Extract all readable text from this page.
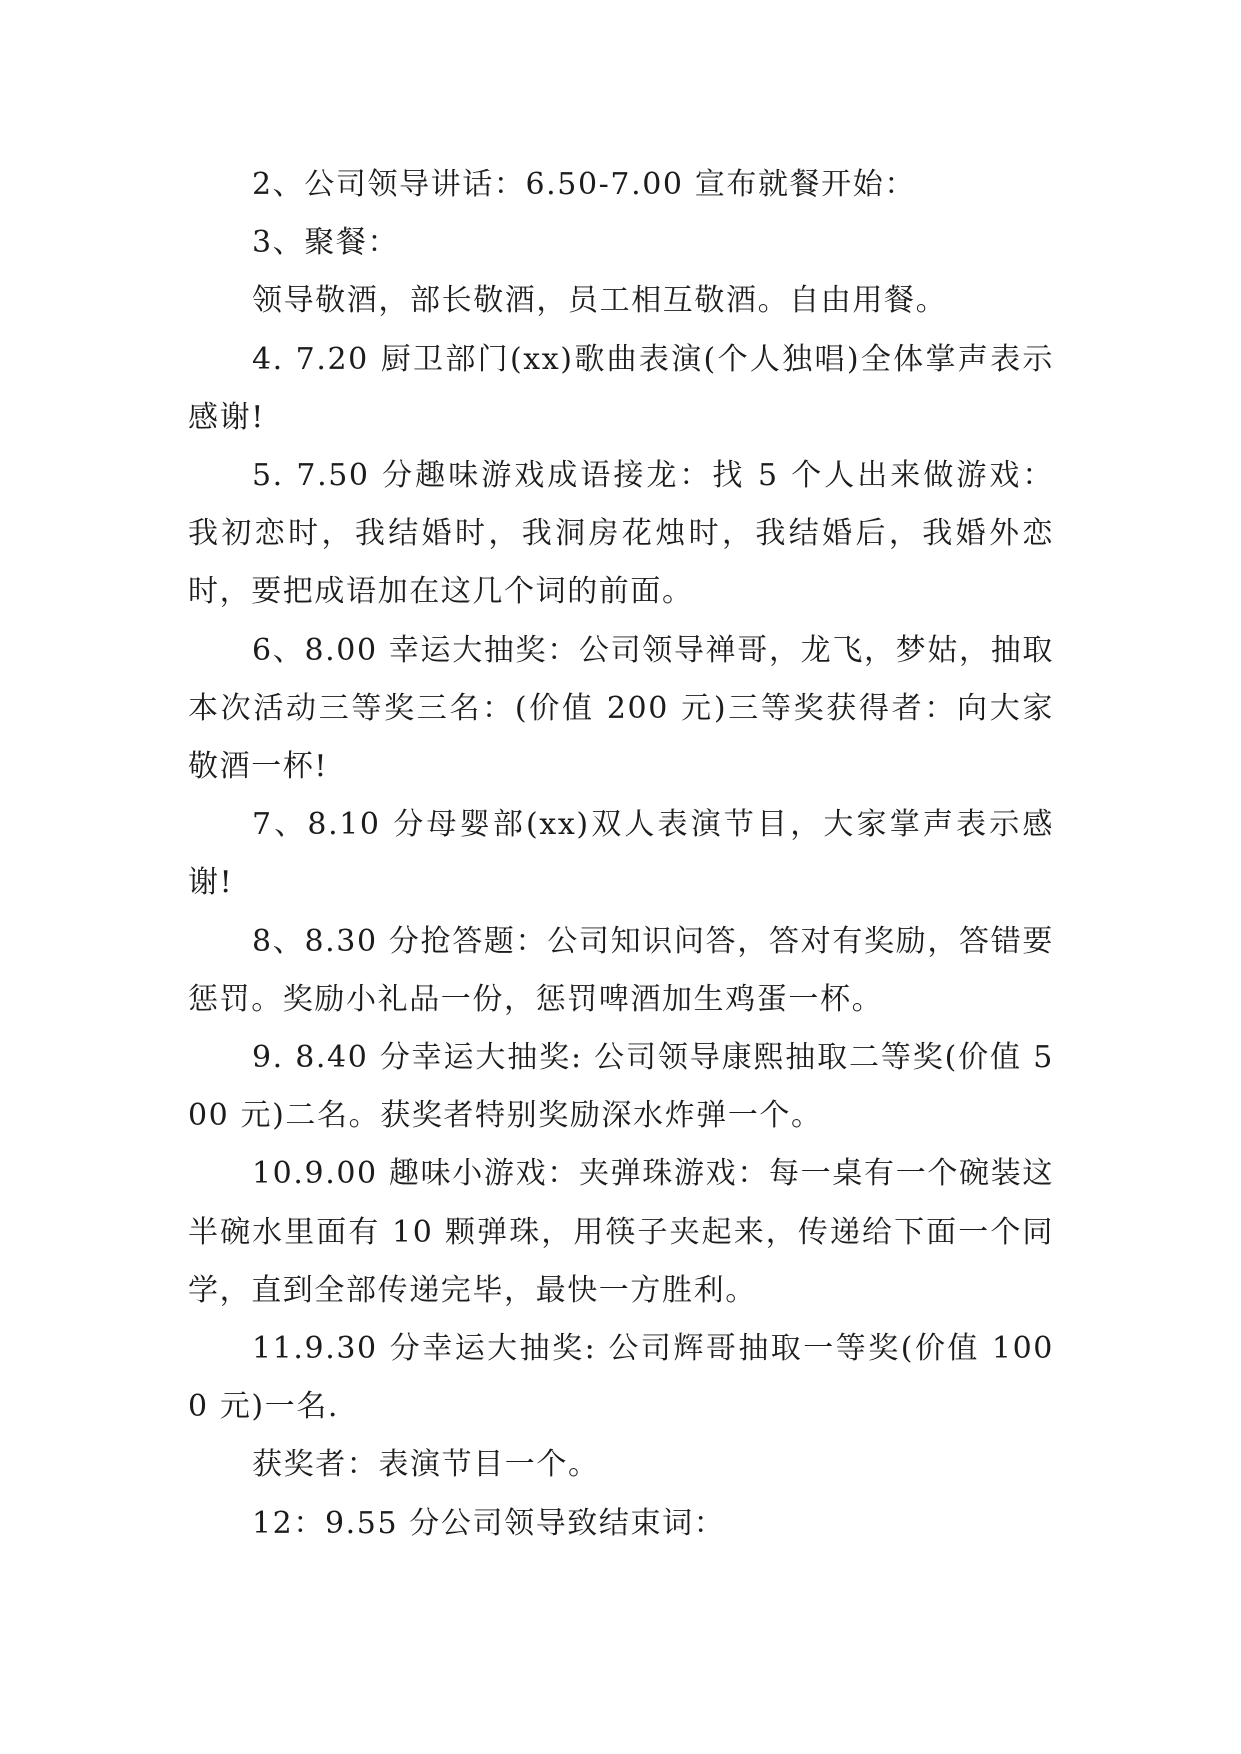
2、公司领导讲话：6.50-7.00 宣布就餐开始：

3、聚餐：

领导敬酒，部长敬酒，员工相互敬酒。自由用餐。

4. 7.20 厨卫部门(xx)歌曲表演(个人独唱)全体掌声表示感谢!

5. 7.50 分趣味游戏成语接龙：找 5 个人出来做游戏：我初恋时，我结婚时，我洞房花烛时，我结婚后，我婚外恋时，要把成语加在这几个词的前面。

6、8.00 幸运大抽奖：公司领导禅哥，龙飞，梦姑，抽取本次活动三等奖三名：(价值 200 元)三等奖获得者：向大家敬酒一杯!

7、8.10 分母婴部(xx)双人表演节目，大家掌声表示感谢!

8、8.30 分抢答题：公司知识问答，答对有奖励，答错要惩罚。奖励小礼品一份，惩罚啤酒加生鸡蛋一杯。

9. 8.40 分幸运大抽奖: 公司领导康熙抽取二等奖(价值 500 元)二名。获奖者特别奖励深水炸弹一个。

10.9.00 趣味小游戏：夹弹珠游戏：每一桌有一个碗装这半碗水里面有 10 颗弹珠，用筷子夹起来，传递给下面一个同学，直到全部传递完毕，最快一方胜利。

11.9.30 分幸运大抽奖: 公司辉哥抽取一等奖(价值 1000 元)一名.

获奖者：表演节目一个。

12：9.55 分公司领导致结束词：
